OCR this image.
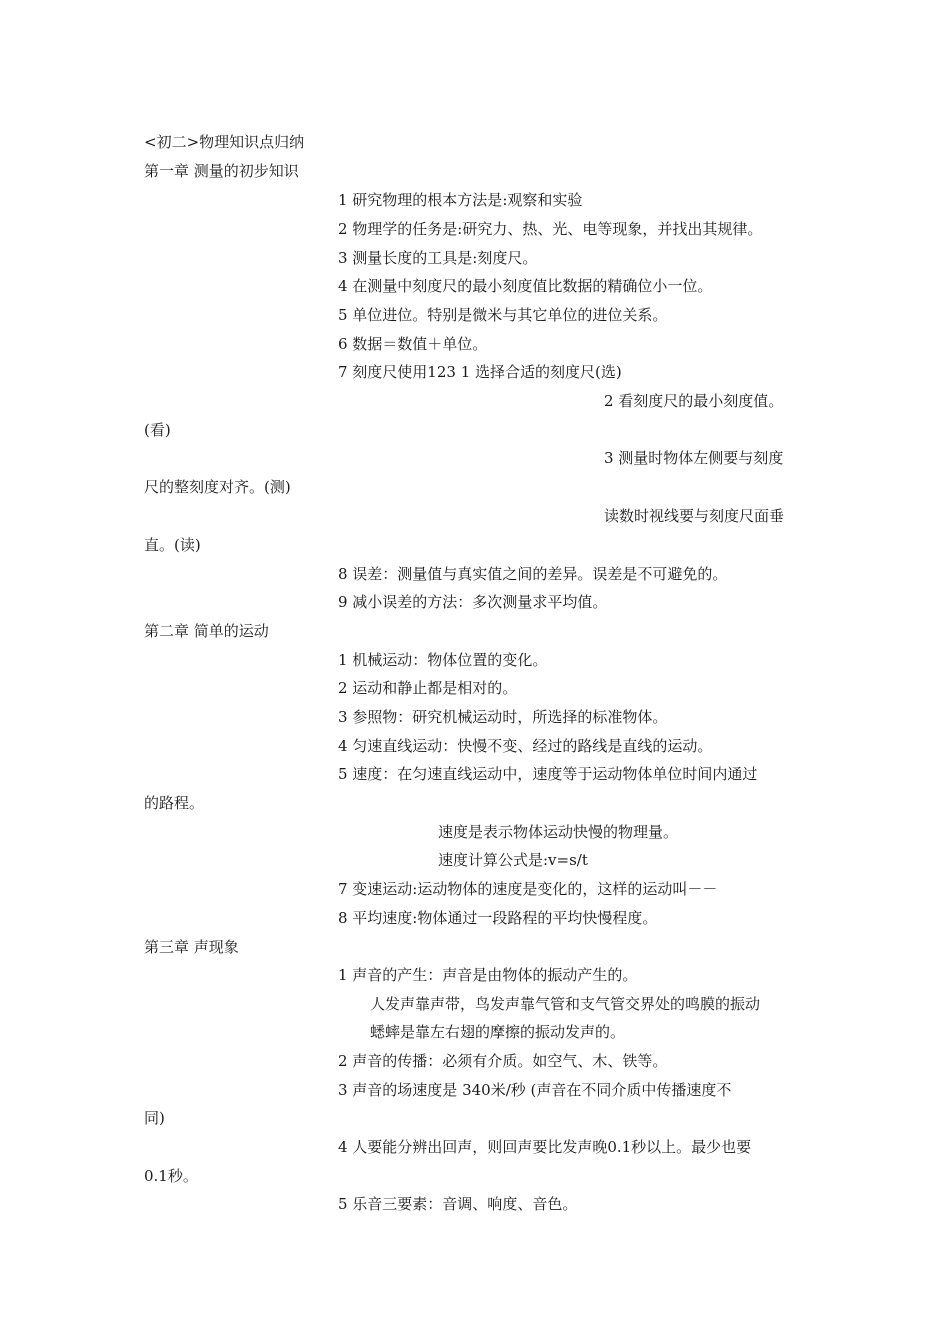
<初二>物理知识点归纳
第一章 测量的初步知识
1 研究物理的根本方法是:观察和实验
2 物理学的任务是:研究力、热、光、电等现象，并找出其规律。
3 测量长度的工具是:刻度尺。
4 在测量中刻度尺的最小刻度值比数据的精确位小一位。
5 单位进位。特别是微米与其它单位的进位关系。
6 数据＝数值＋单位。
7 刻度尺使用123 1 选择合适的刻度尺(选)
2 看刻度尺的最小刻度值。
(看)
3 测量时物体左侧要与刻度
尺的整刻度对齐。(测)
读数时视线要与刻度尺面垂
直。(读)
8 误差：测量值与真实值之间的差异。误差是不可避免的。
9 减小误差的方法：多次测量求平均值。
第二章 简单的运动
1 机械运动：物体位置的变化。
2 运动和静止都是相对的。
3 参照物：研究机械运动时，所选择的标准物体。
4 匀速直线运动：快慢不变、经过的路线是直线的运动。
5 速度：在匀速直线运动中，速度等于运动物体单位时间内通过
的路程。
速度是表示物体运动快慢的物理量。
速度计算公式是:v=s/t
7 变速运动:运动物体的速度是变化的，这样的运动叫－－
8 平均速度:物体通过一段路程的平均快慢程度。
第三章 声现象
1 声音的产生：声音是由物体的振动产生的。
人发声靠声带，鸟发声靠气管和支气管交界处的鸣膜的振动
蟋蟀是靠左右翅的摩擦的振动发声的。
2 声音的传播：必须有介质。如空气、木、铁等。
3 声音的场速度是 340米/秒 (声音在不同介质中传播速度不
同)
4 人要能分辨出回声，则回声要比发声晚0.1秒以上。最少也要
0.1秒。
5 乐音三要素：音调、响度、音色。
